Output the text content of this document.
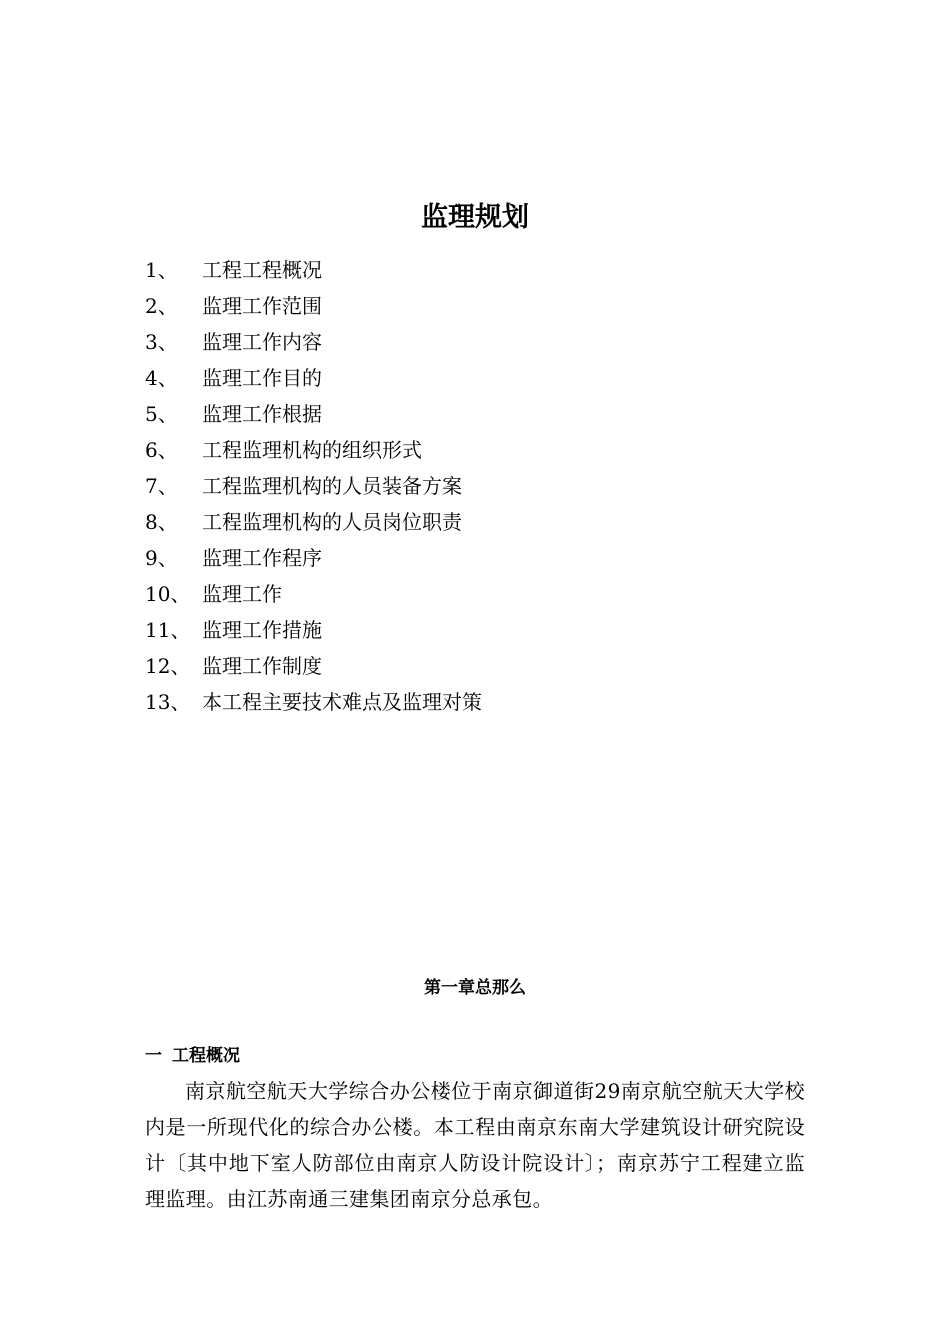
监理规划
1、	工程工程概况
2、	监理工作范围
3、	监理工作内容
4、	监理工作目的
5、	监理工作根据
6、	工程监理机构的组织形式
7、	工程监理机构的人员装备方案
8、	工程监理机构的人员岗位职责
9、	监理工作程序
10、 监理工作
11、 监理工作措施
12、 监理工作制度
13、 本工程主要技术难点及监理对策
第一章总那么
一 工程概况

南京航空航天大学综合办公楼位于南京御道街29南京航空航天大学校内是一所现代化的综合办公楼。本工程由南京东南大学建筑设计研究院设计〔其中地下室人防部位由南京人防设计院设计〕；南京苏宁工程建立监理监理。由江苏南通三建集团南京分总承包。
